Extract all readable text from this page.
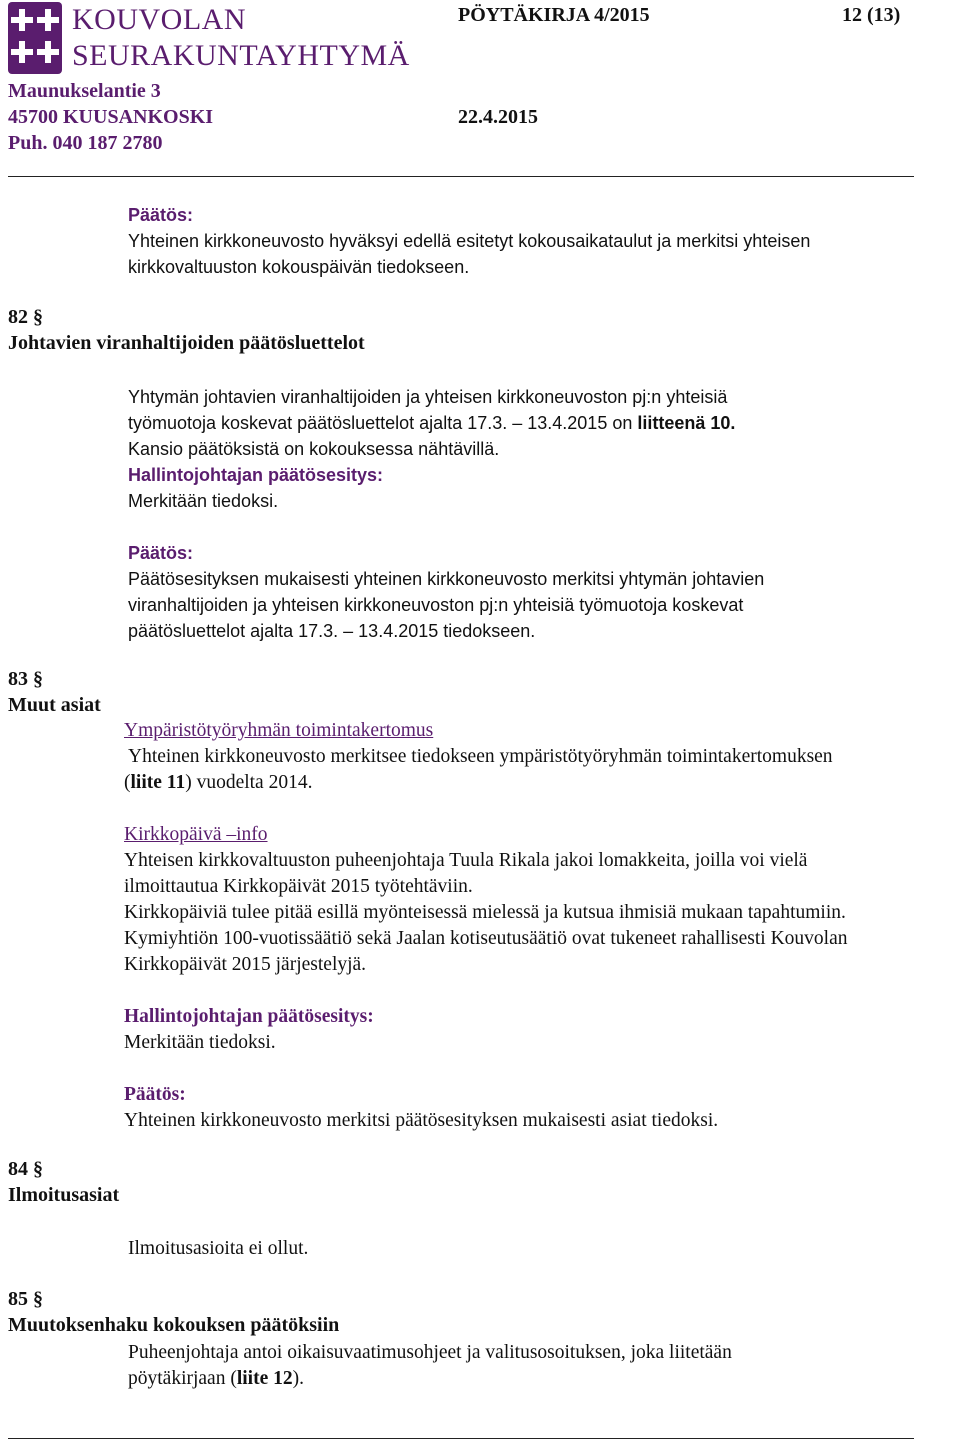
KOUVOLAN
SEURAKUNTAYHTYMÄ
PÖYTÄKIRJA 4/2015	12 (13)
Maunukselantie 3
45700 KUUSANKOSKI	22.4.2015
Puh. 040 187 2780
Päätös:
Yhteinen kirkkoneuvosto hyväksyi edellä esitetyt kokousaikataulut ja merkitsi yhteisen
kirkkovaltuuston kokouspäivän tiedokseen.
82 §
Johtavien viranhaltijoiden päätösluettelot
Yhtymän johtavien viranhaltijoiden ja yhteisen kirkkoneuvoston pj:n yhteisiä
työmuotoja koskevat päätösluettelot ajalta 17.3. – 13.4.2015 on liitteenä 10.
Kansio päätöksistä on kokouksessa nähtävillä.
Hallintojohtajan päätösesitys:
Merkitään tiedoksi.
Päätös:
Päätösesityksen mukaisesti yhteinen kirkkoneuvosto merkitsi yhtymän johtavien
viranhaltijoiden ja yhteisen kirkkoneuvoston pj:n yhteisiä työmuotoja koskevat
päätösluettelot ajalta 17.3. – 13.4.2015 tiedokseen.
83 §
Muut asiat
Ympäristötyöryhmän toimintakertomus
Yhteinen kirkkoneuvosto merkitsee tiedokseen ympäristötyöryhmän toimintakertomuksen
(liite 11) vuodelta 2014.
Kirkkopäivä –info
Yhteisen kirkkovaltuuston puheenjohtaja Tuula Rikala jakoi lomakkeita, joilla voi vielä
ilmoittautua Kirkkopäivät 2015 työtehtäviin.
Kirkkopäiviä tulee pitää esillä myönteisessä mielessä ja kutsua ihmisiä mukaan tapahtumiin.
Kymiyhtiön 100-vuotissäätiö sekä Jaalan kotiseutusäätiö ovat tukeneet rahallisesti Kouvolan
Kirkkopäivät 2015 järjestelyjä.
Hallintojohtajan päätösesitys:
Merkitään tiedoksi.
Päätös:
Yhteinen kirkkoneuvosto merkitsi päätösesityksen mukaisesti asiat tiedoksi.
84 §
Ilmoitusasiat
Ilmoitusasioita ei ollut.
85 §
Muutoksenhaku kokouksen päätöksiin
Puheenjohtaja antoi oikaisuvaatimusohjeet ja valitusosoituksen, joka liitetään
pöytäkirjaan (liite 12).
